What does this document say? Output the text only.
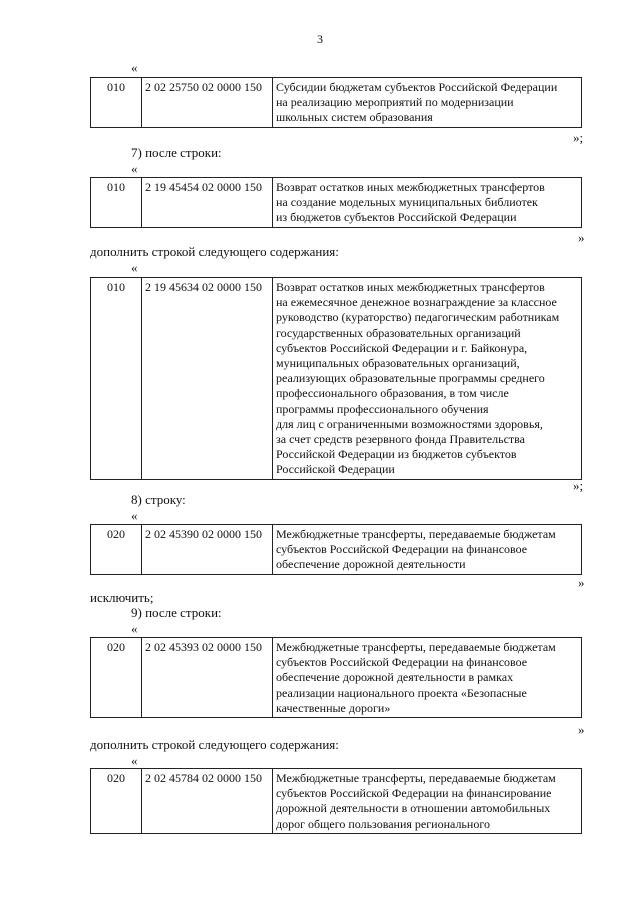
3
«
010	2 02 25750 02 0000 150	Субсидии бюджетам субъектов Российской Федерации
на реализацию мероприятий по модернизации
школьных систем образования
»;
7) после строки:
«
010	2 19 45454 02 0000 150	Возврат остатков иных межбюджетных трансфертов
на создание модельных муниципальных библиотек
из бюджетов субъектов Российской Федерации
»
дополнить строкой следующего содержания:
«
010	2 19 45634 02 0000 150	Возврат остатков иных межбюджетных трансфертов
на ежемесячное денежное вознаграждение за классное
руководство (кураторство) педагогическим работникам
государственных образовательных организаций
субъектов Российской Федерации и г. Байконура,
муниципальных образовательных организаций,
реализующих образовательные программы среднего
профессионального образования, в том числе
программы профессионального обучения
для лиц с ограниченными возможностями здоровья,
за счет средств резервного фонда Правительства
Российской Федерации из бюджетов субъектов
Российской Федерации
»;
8) строку:
«
020	2 02 45390 02 0000 150	Межбюджетные трансферты, передаваемые бюджетам
субъектов Российской Федерации на финансовое
обеспечение дорожной деятельности
»
исключить;
9) после строки:
«
020	2 02 45393 02 0000 150	Межбюджетные трансферты, передаваемые бюджетам
субъектов Российской Федерации на финансовое
обеспечение дорожной деятельности в рамках
реализации национального проекта «Безопасные
качественные дороги»
»
дополнить строкой следующего содержания:
«
020	2 02 45784 02 0000 150	Межбюджетные трансферты, передаваемые бюджетам
субъектов Российской Федерации на финансирование
дорожной деятельности в отношении автомобильных
дорог общего пользования регионального
